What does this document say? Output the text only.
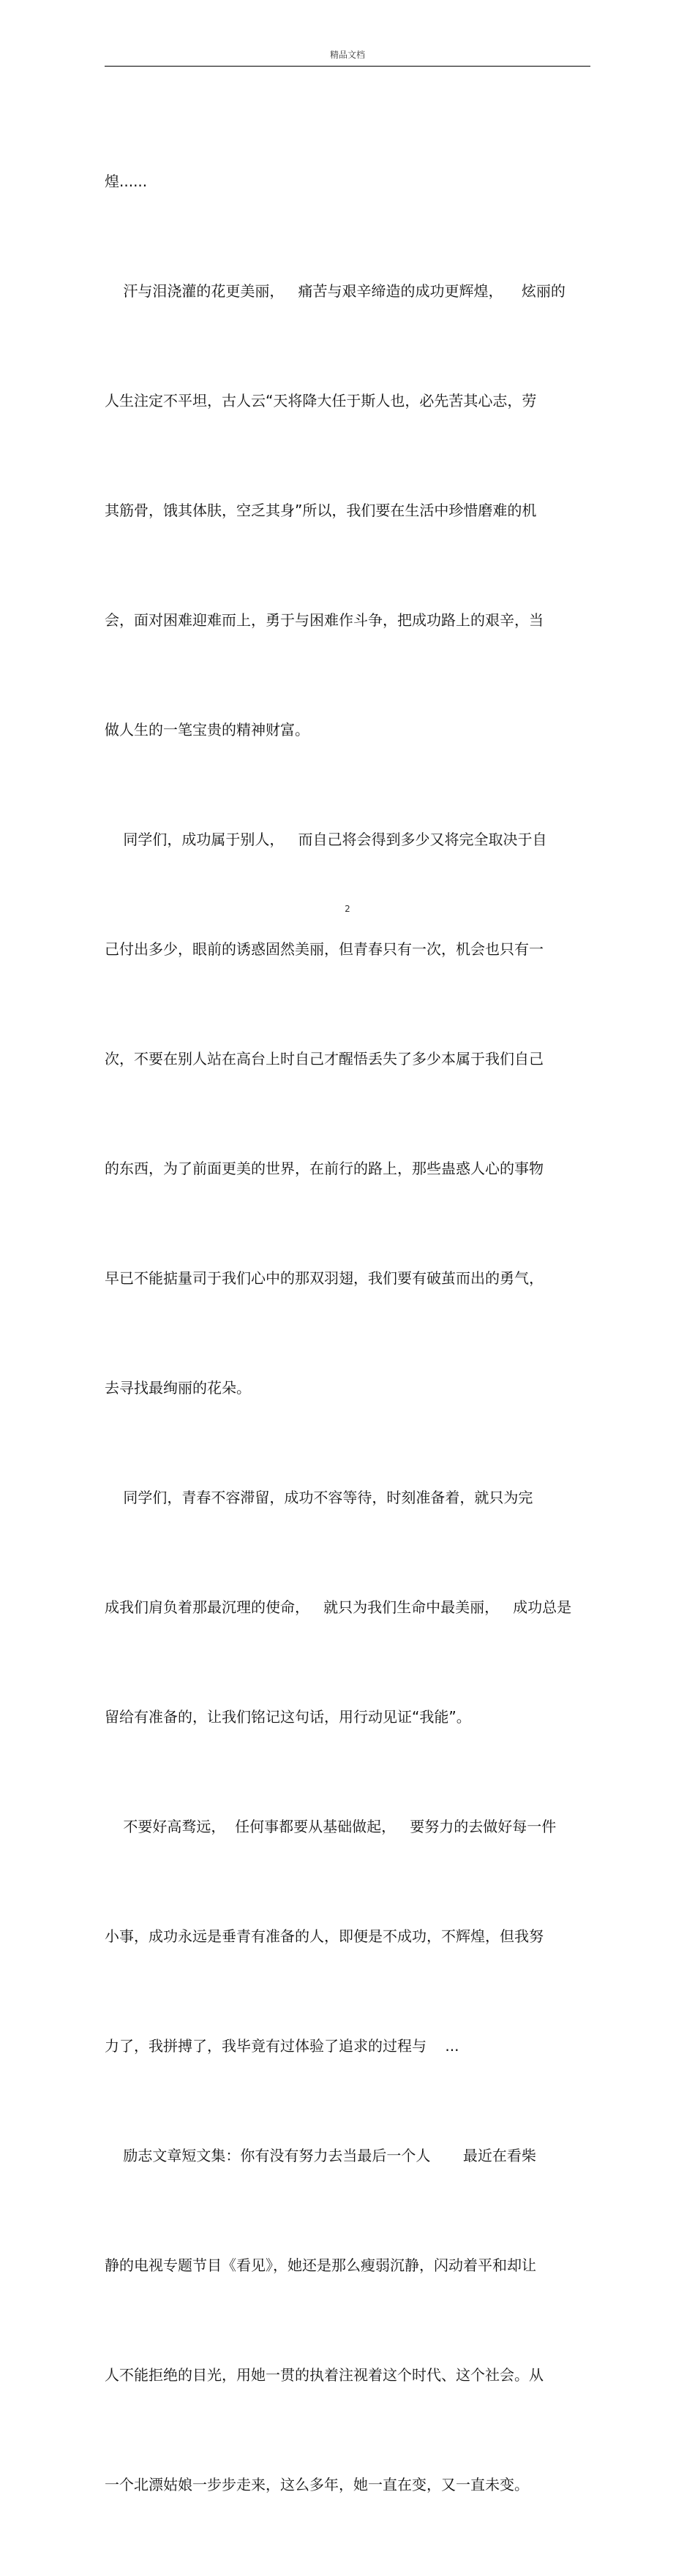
精品文档

煌......

汗与泪浇灌的花更美丽，   痛苦与艰辛缔造的成功更辉煌，    炫丽的

人生注定不平坦，古人云“天将降大任于斯人也，必先苦其心志，劳

其筋骨，饿其体肤，空乏其身”所以，我们要在生活中珍惜磨难的机

会，面对困难迎难而上，勇于与困难作斗争，把成功路上的艰辛，当

做人生的一笔宝贵的精神财富。

同学们，成功属于别人，   而自己将会得到多少又将完全取决于自

己付出多少，眼前的诱惑固然美丽，但青春只有一次，机会也只有一

次，不要在别人站在高台上时自己才醒悟丢失了多少本属于我们自己

的东西，为了前面更美的世界，在前行的路上，那些蛊惑人心的事物

早已不能掂量司于我们心中的那双羽翅，我们要有破茧而出的勇气，

去寻找最绚丽的花朵。

同学们，青春不容滞留，成功不容等待，时刻准备着，就只为完

成我们肩负着那最沉理的使命，   就只为我们生命中最美丽，   成功总是

留给有准备的，让我们铭记这句话，用行动见证“我能”。

不要好高骛远，  任何事都要从基础做起，   要努力的去做好每一件

小事，成功永远是垂青有准备的人，即便是不成功，不辉煌，但我努

力了，我拼搏了，我毕竟有过体验了追求的过程与    ...

励志文章短文集：你有没有努力去当最后一个人       最近在看柴

静的电视专题节目《看见》，她还是那么瘦弱沉静，闪动着平和却让

人不能拒绝的目光，用她一贯的执着注视着这个时代、这个社会。从

一个北漂姑娘一步步走来，这么多年，她一直在变，又一直未变。

2
